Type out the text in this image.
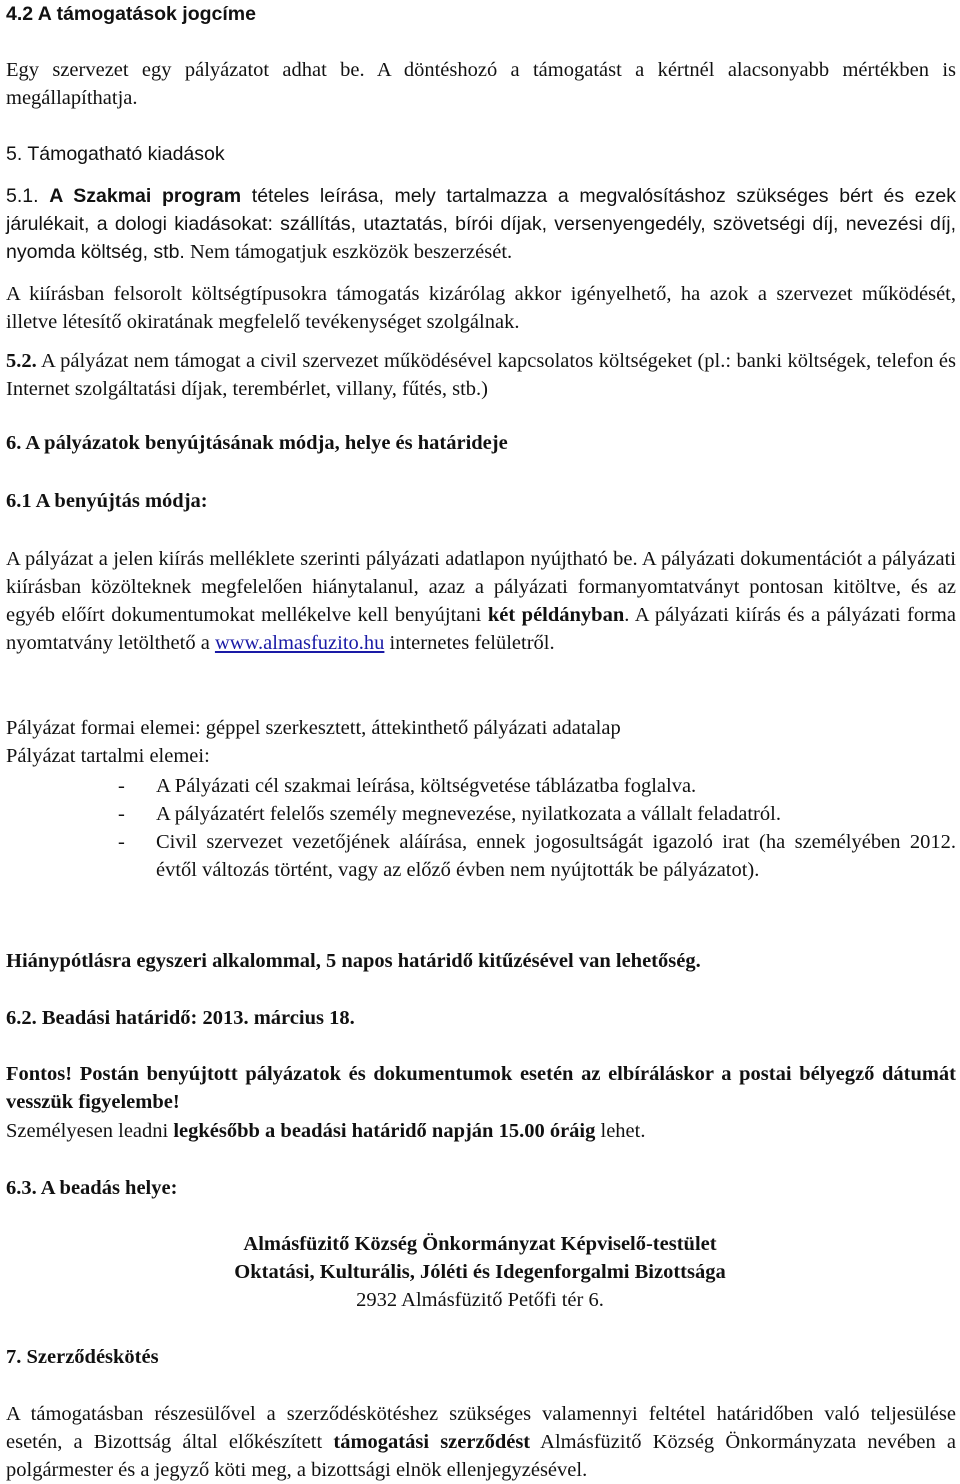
4.2 A támogatások jogcíme

Egy szervezet egy pályázatot adhat be. A döntéshozó a támogatást a kértnél alacsonyabb mértékben is megállapíthatja.

5. Támogatható kiadások

5.1. A Szakmai program tételes leírása, mely tartalmazza a megvalósításhoz szükséges bért és ezek járulékait, a dologi kiadásokat: szállítás, utaztatás, bírói díjak, versenyengedély, szövetségi díj, nevezési díj, nyomda költség, stb. Nem támogatjuk eszközök beszerzését.

A kiírásban felsorolt költségtípusokra támogatás kizárólag akkor igényelhető, ha azok a szervezet működését, illetve létesítő okiratának megfelelő tevékenységet szolgálnak.

5.2. A pályázat nem támogat a civil szervezet működésével kapcsolatos költségeket (pl.: banki költségek, telefon és Internet szolgáltatási díjak, terembérlet, villany, fűtés, stb.)

6. A pályázatok benyújtásának módja, helye és határideje

6.1 A benyújtás módja:

A pályázat a jelen kiírás melléklete szerinti pályázati adatlapon nyújtható be. A pályázati dokumentációt a pályázati kiírásban közölteknek megfelelően hiánytalanul, azaz a pályázati formanyomtatványt pontosan kitöltve, és az egyéb előírt dokumentumokat mellékelve kell benyújtani két példányban. A pályázati kiírás és a pályázati forma nyomtatvány letölthető a www.almasfuzito.hu internetes felületről.

Pályázat formai elemei: géppel szerkesztett, áttekinthető pályázati adatalap

Pályázat tartalmi elemei:

- A Pályázati cél szakmai leírása, költségvetése táblázatba foglalva.
- A pályázatért felelős személy megnevezése, nyilatkozata a vállalt feladatról.
- Civil szervezet vezetőjének aláírása, ennek jogosultságát igazoló irat (ha személyében 2012. évtől változás történt, vagy az előző évben nem nyújtották be pályázatot).

Hiánypótlásra egyszeri alkalommal, 5 napos határidő kitűzésével van lehetőség.

6.2. Beadási határidő: 2013. március 18.

Fontos! Postán benyújtott pályázatok és dokumentumok esetén az elbíráláskor a postai bélyegző dátumát vesszük figyelembe!

Személyesen leadni legkésőbb a beadási határidő napján 15.00 óráig lehet.

6.3. A beadás helye:

Almásfüzitő Község Önkormányzat Képviselő-testület

Oktatási, Kulturális, Jóléti és Idegenforgalmi Bizottsága

2932 Almásfüzitő Petőfi tér 6.

7. Szerződéskötés

A támogatásban részesülővel a szerződéskötéshez szükséges valamennyi feltétel határidőben való teljesülése esetén, a Bizottság által előkészített támogatási szerződést Almásfüzitő Község Önkormányzata nevében a polgármester és a jegyző köti meg, a bizottsági elnök ellenjegyzésével.
